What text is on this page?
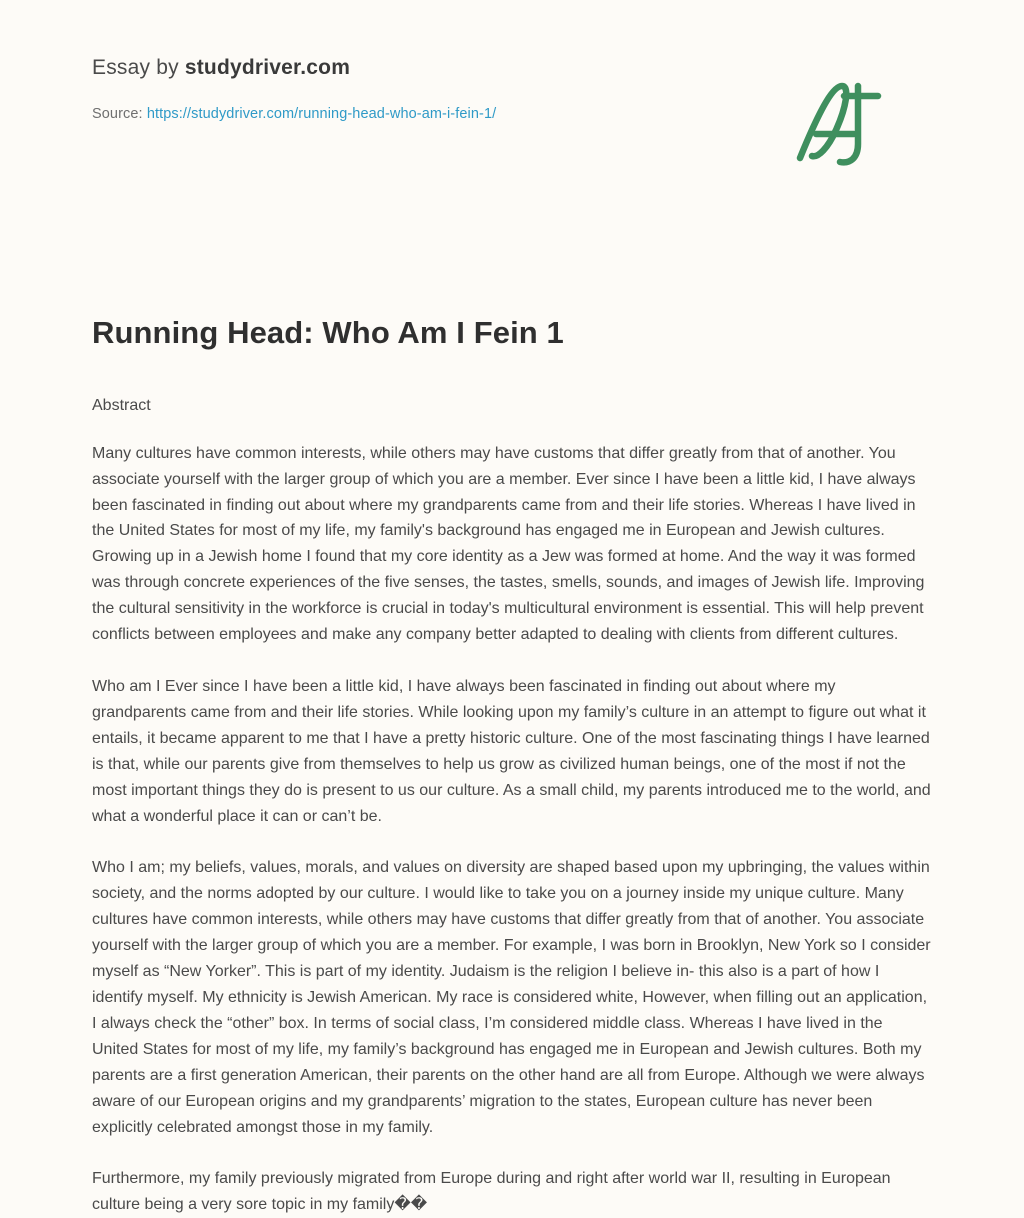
Essay by studydriver.com
Source: https://studydriver.com/running-head-who-am-i-fein-1/
Running Head: Who Am I Fein 1
Abstract

Many cultures have common interests, while others may have customs that differ greatly from that of another. You associate yourself with the larger group of which you are a member. Ever since I have been a little kid, I have always been fascinated in finding out about where my grandparents came from and their life stories. Whereas I have lived in the United States for most of my life, my family's background has engaged me in European and Jewish cultures. Growing up in a Jewish home I found that my core identity as a Jew was formed at home. And the way it was formed was through concrete experiences of the five senses, the tastes, smells, sounds, and images of Jewish life. Improving the cultural sensitivity in the workforce is crucial in today's multicultural environment is essential. This will help prevent conflicts between employees and make any company better adapted to dealing with clients from different cultures.

Who am I Ever since I have been a little kid, I have always been fascinated in finding out about where my grandparents came from and their life stories. While looking upon my family’s culture in an attempt to figure out what it entails, it became apparent to me that I have a pretty historic culture. One of the most fascinating things I have learned is that, while our parents give from themselves to help us grow as civilized human beings, one of the most if not the most important things they do is present to us our culture. As a small child, my parents introduced me to the world, and what a wonderful place it can or can’t be.

Who I am; my beliefs, values, morals, and values on diversity are shaped based upon my upbringing, the values within society, and the norms adopted by our culture. I would like to take you on a journey inside my unique culture. Many cultures have common interests, while others may have customs that differ greatly from that of another. You associate yourself with the larger group of which you are a member. For example, I was born in Brooklyn, New York so I consider myself as “New Yorker”. This is part of my identity. Judaism is the religion I believe in- this also is a part of how I identify myself. My ethnicity is Jewish American. My race is considered white, However, when filling out an application, I always check the “other” box. In terms of social class, I’m considered middle class. Whereas I have lived in the United States for most of my life, my family’s background has engaged me in European and Jewish cultures. Both my parents are a first generation American, their parents on the other hand are all from Europe. Although we were always aware of our European origins and my grandparents’ migration to the states, European culture has never been explicitly celebrated amongst those in my family.

Furthermore, my family previously migrated from Europe during and right after world war II, resulting in European culture being a very sore topic in my family��
